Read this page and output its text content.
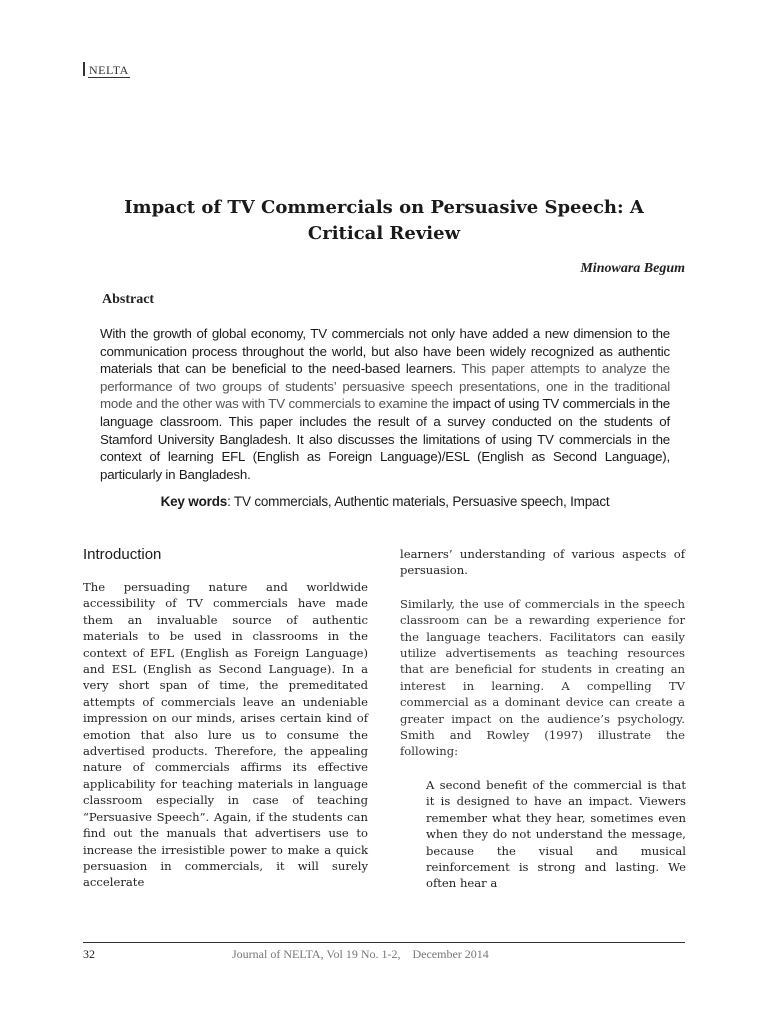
NELTA
Impact of TV Commercials on Persuasive Speech: A Critical Review
Minowara Begum
Abstract

With the growth of global economy, TV commercials not only have added a new dimension to the communication process throughout the world, but also have been widely recognized as authentic materials that can be beneficial to the need-based learners. This paper attempts to analyze the performance of two groups of students’ persuasive speech presentations, one in the traditional mode and the other was with TV commercials to examine the impact of using TV commercials in the language classroom. This paper includes the result of a survey conducted on the students of Stamford University Bangladesh. It also discusses the limitations of using TV commercials in the context of learning EFL (English as Foreign Language)/ESL (English as Second Language), particularly in Bangladesh.

Key words: TV commercials, Authentic materials, Persuasive speech, Impact
Introduction

The persuading nature and worldwide accessibility of TV commercials have made them an invaluable source of authentic materials to be used in classrooms in the context of EFL (English as Foreign Language) and ESL (English as Second Language). In a very short span of time, the premeditated attempts of commercials leave an undeniable impression on our minds, arises certain kind of emotion that also lure us to consume the advertised products. Therefore, the appealing nature of commercials affirms its effective applicability for teaching materials in language classroom especially in case of teaching “Persuasive Speech”. Again, if the students can find out the manuals that advertisers use to increase the irresistible power to make a quick persuasion in commercials, it will surely accelerate

learners’ understanding of various aspects of persuasion.

Similarly, the use of commercials in the speech classroom can be a rewarding experience for the language teachers. Facilitators can easily utilize advertisements as teaching resources that are beneficial for students in creating an interest in learning. A compelling TV commercial as a dominant device can create a greater impact on the audience’s psychology. Smith and Rowley (1997) illustrate the following:

A second benefit of the commercial is that it is designed to have an impact. Viewers remember what they hear, sometimes even when they do not understand the message, because the visual and musical reinforcement is strong and lasting. We often hear a
32	Journal of NELTA, Vol 19 No. 1-2,    December 2014
